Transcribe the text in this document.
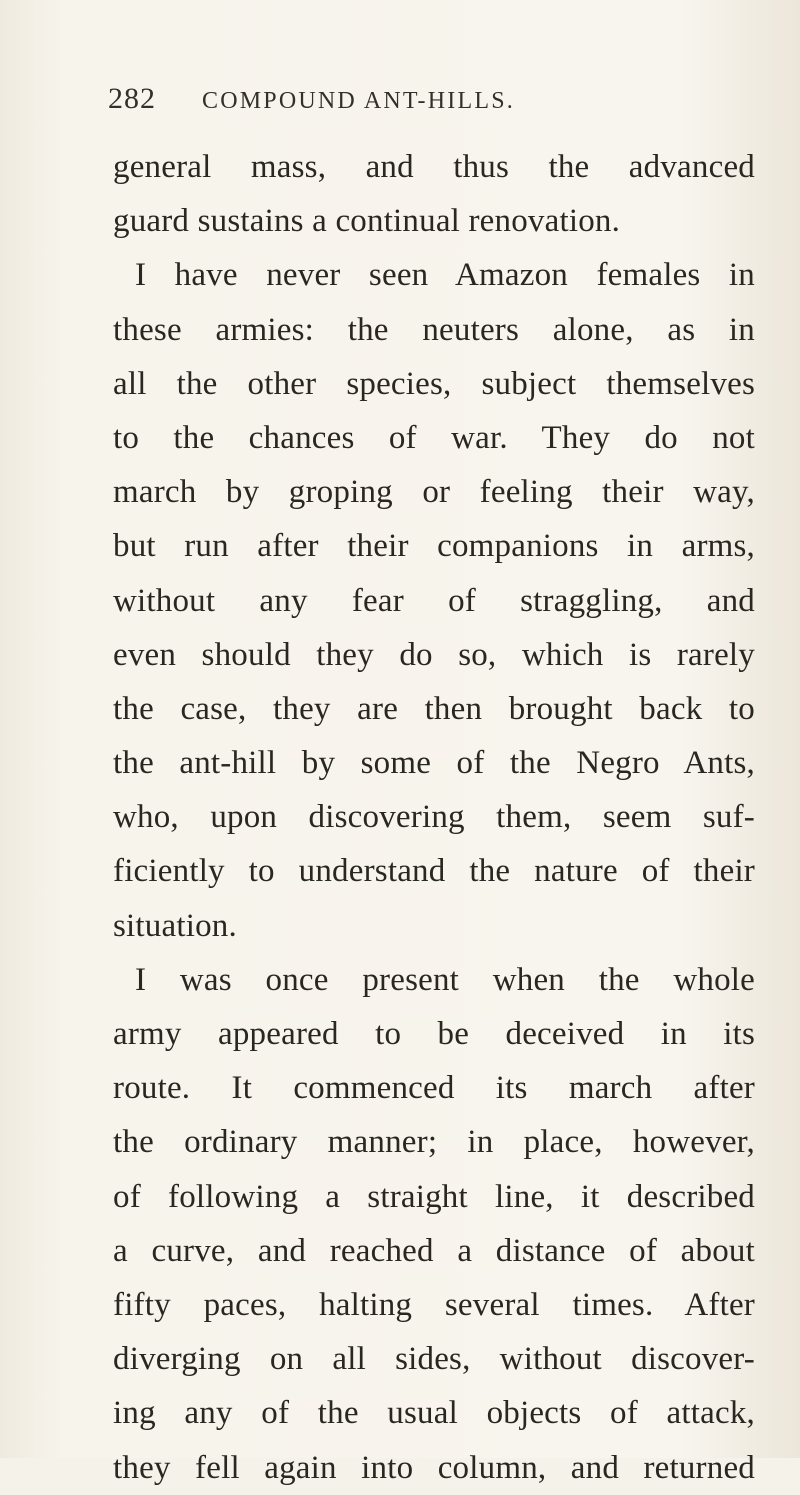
282 COMPOUND ANT-HILLS.
general mass, and thus the advanced
guard sustains a continual renovation.
I have never seen Amazon females in
these armies: the neuters alone, as in
all the other species, subject themselves
to the chances of war. They do not
march by groping or feeling their way,
but run after their companions in arms,
without any fear of straggling, and
even should they do so, which is rarely
the case, they are then brought back to
the ant-hill by some of the Negro Ants,
who, upon discovering them, seem suf-
ficiently to understand the nature of their
situation.
I was once present when the whole
army appeared to be deceived in its
route. It commenced its march after
the ordinary manner; in place, however,
of following a straight line, it described
a curve, and reached a distance of about
fifty paces, halting several times. After
diverging on all sides, without discover-
ing any of the usual objects of attack,
they fell again into column, and returned
